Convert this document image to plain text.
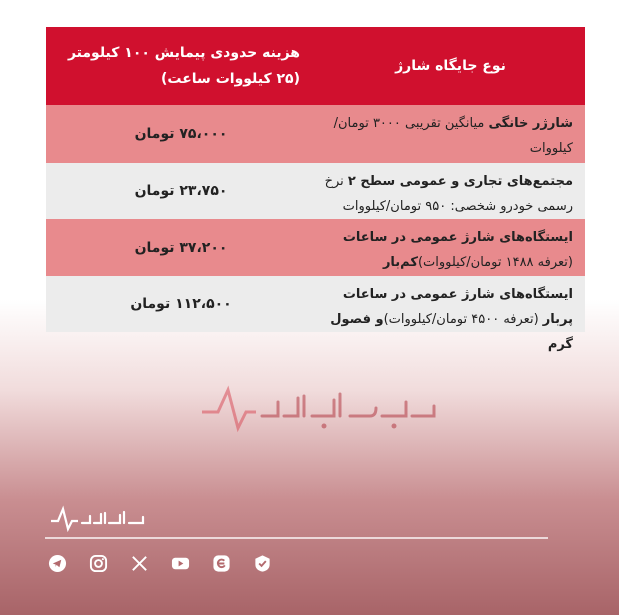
نوع جایگاه شارژ
هزینه حدودی پیمایش ۱۰۰ کیلومتر (۲۵ کیلووات ساعت)
شارژر خانگی میانگین تقریبی ۳۰۰۰ تومان/کیلووات
۷۵،۰۰۰ تومان
مجتمع‌های تجاری و عمومی سطح ۲ نرخ رسمی خودرو شخصی: ۹۵۰ تومان/کیلووات
۲۳،۷۵۰ تومان
ایستگاه‌های شارژ عمومی در ساعات (تعرفه ۱۴۸۸ تومان/کیلووات)کم‌بار
۳۷،۲۰۰ تومان
ایستگاه‌های شارژ عمومی در ساعات پربار (تعرفه ۴۵۰۰ تومان/کیلووات)و فصول گرم
۱۱۲،۵۰۰ تومان
